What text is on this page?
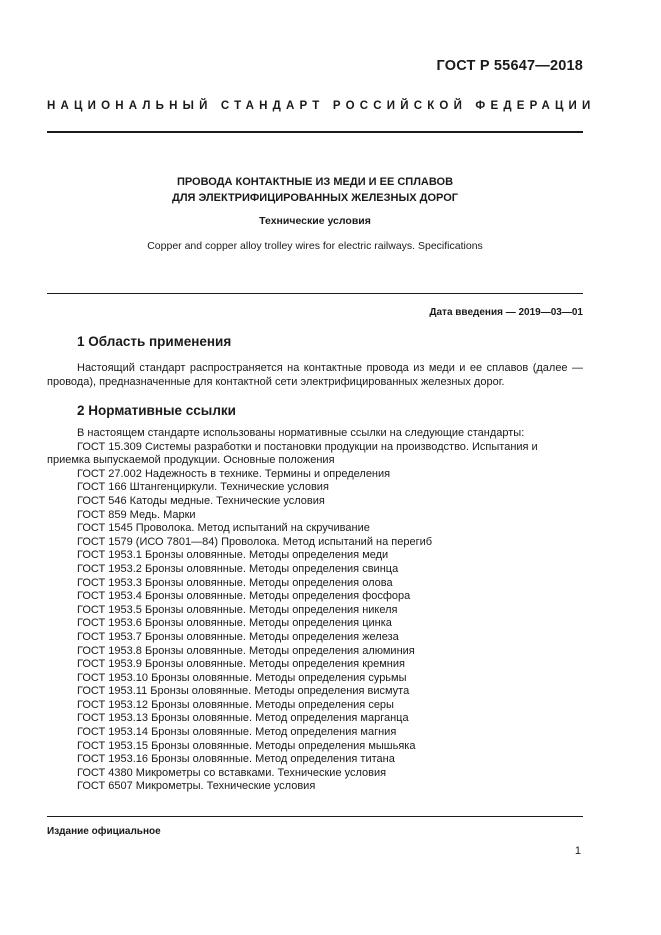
ГОСТ Р 55647—2018
НАЦИОНАЛЬНЫЙ СТАНДАРТ РОССИЙСКОЙ ФЕДЕРАЦИИ
ПРОВОДА КОНТАКТНЫЕ ИЗ МЕДИ И ЕЕ СПЛАВОВ
ДЛЯ ЭЛЕКТРИФИЦИРОВАННЫХ ЖЕЛЕЗНЫХ ДОРОГ
Технические условия
Copper and copper alloy trolley wires for electric railways. Specifications
Дата введения — 2019—03—01
1 Область применения
Настоящий стандарт распространяется на контактные провода из меди и ее сплавов (далее — провода), предназначенные для контактной сети электрифицированных железных дорог.
2 Нормативные ссылки
В настоящем стандарте использованы нормативные ссылки на следующие стандарты:
ГОСТ 15.309 Системы разработки и постановки продукции на производство. Испытания и приемка выпускаемой продукции. Основные положения
ГОСТ 27.002 Надежность в технике. Термины и определения
ГОСТ 166 Штангенциркули. Технические условия
ГОСТ 546 Катоды медные. Технические условия
ГОСТ 859 Медь. Марки
ГОСТ 1545 Проволока. Метод испытаний на скручивание
ГОСТ 1579 (ИСО 7801—84) Проволока. Метод испытаний на перегиб
ГОСТ 1953.1 Бронзы оловянные. Методы определения меди
ГОСТ 1953.2 Бронзы оловянные. Методы определения свинца
ГОСТ 1953.3 Бронзы оловянные. Методы определения олова
ГОСТ 1953.4 Бронзы оловянные. Методы определения фосфора
ГОСТ 1953.5 Бронзы оловянные. Методы определения никеля
ГОСТ 1953.6 Бронзы оловянные. Методы определения цинка
ГОСТ 1953.7 Бронзы оловянные. Методы определения железа
ГОСТ 1953.8 Бронзы оловянные. Методы определения алюминия
ГОСТ 1953.9 Бронзы оловянные. Методы определения кремния
ГОСТ 1953.10 Бронзы оловянные. Методы определения сурьмы
ГОСТ 1953.11 Бронзы оловянные. Методы определения висмута
ГОСТ 1953.12 Бронзы оловянные. Методы определения серы
ГОСТ 1953.13 Бронзы оловянные. Метод определения марганца
ГОСТ 1953.14 Бронзы оловянные. Метод определения магния
ГОСТ 1953.15 Бронзы оловянные. Методы определения мышьяка
ГОСТ 1953.16 Бронзы оловянные. Метод определения титана
ГОСТ 4380 Микрометры со вставками. Технические условия
ГОСТ 6507 Микрометры. Технические условия
Издание официальное
1
